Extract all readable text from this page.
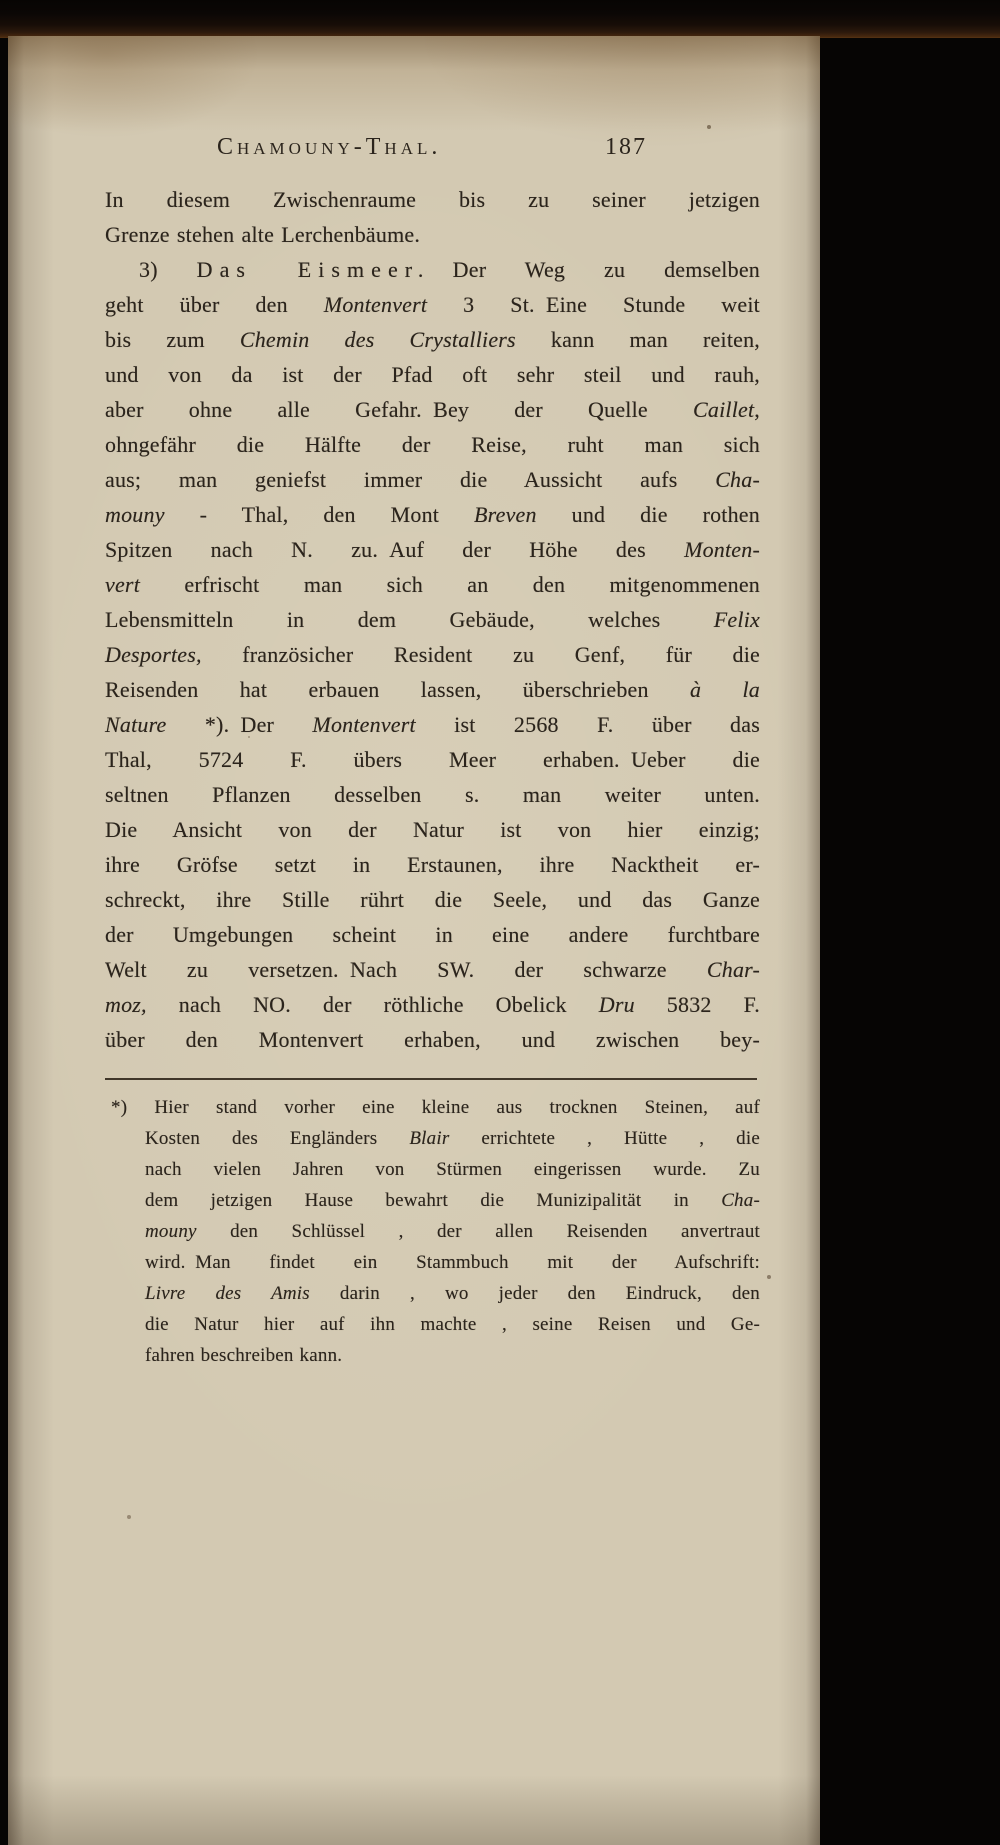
Chamouny-Thal.	187
In diesem Zwischenraume bis zu seiner jetzigen
Grenze stehen alte Lerchenbäume.
3) Das Eismeer. Der Weg zu demselben
geht über den Montenvert 3 St. Eine Stunde weit
bis zum Chemin des Crystalliers kann man reiten,
und von da ist der Pfad oft sehr steil und rauh,
aber ohne alle Gefahr. Bey der Quelle Caillet,
ohngefähr die Hälfte der Reise, ruht man sich
aus; man geniefst immer die Aussicht aufs Cha-
mouny - Thal, den Mont Breven und die rothen
Spitzen nach N. zu. Auf der Höhe des Monten-
vert erfrischt man sich an den mitgenommenen
Lebensmitteln in dem Gebäude, welches Felix
Desportes, französicher Resident zu Genf, für die
Reisenden hat erbauen lassen, überschrieben à la
Nature *). Der Montenvert ist 2568 F. über das
Thal, 5724 F. übers Meer erhaben. Ueber die
seltnen Pflanzen desselben s. man weiter unten.
Die Ansicht von der Natur ist von hier einzig;
ihre Gröfse setzt in Erstaunen, ihre Nacktheit er-
schreckt, ihre Stille rührt die Seele, und das Ganze
der Umgebungen scheint in eine andere furchtbare
Welt zu versetzen. Nach SW. der schwarze Char-
moz, nach NO. der röthliche Obelick Dru 5832 F.
über den Montenvert erhaben, und zwischen bey-
*) Hier stand vorher eine kleine aus trocknen Steinen, auf
Kosten des Engländers Blair errichtete , Hütte , die
nach vielen Jahren von Stürmen eingerissen wurde. Zu
dem jetzigen Hause bewahrt die Munizipalität in Cha-
mouny den Schlüssel , der allen Reisenden anvertraut
wird. Man findet ein Stammbuch mit der Aufschrift:
Livre des Amis darin , wo jeder den Eindruck, den
die Natur hier auf ihn machte , seine Reisen und Ge-
fahren beschreiben kann.
